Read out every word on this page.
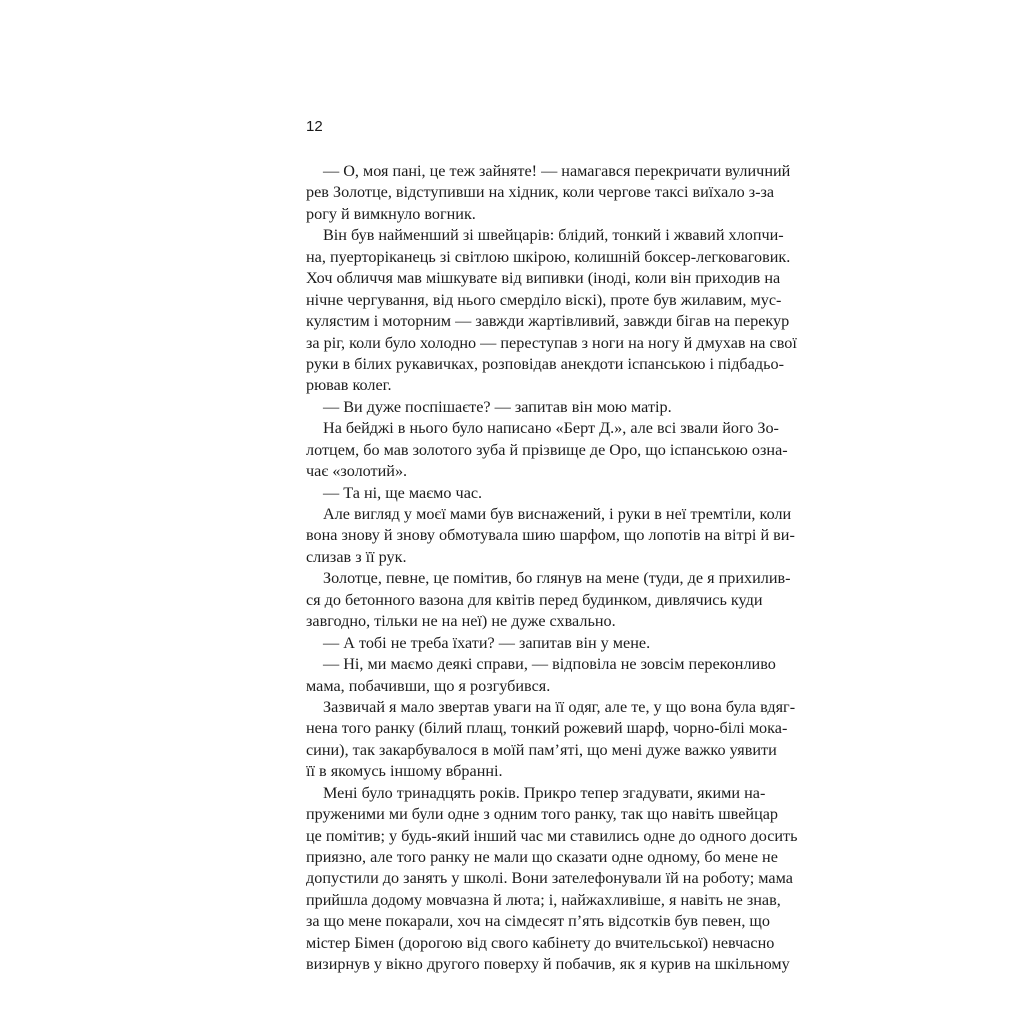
12
— О, моя пані, це теж зайняте! — намагався перекричати вуличний
рев Золотце, відступивши на хідник, коли чергове таксі виїхало з-за
рогу й вимкнуло вогник.
Він був найменший зі швейцарів: блідий, тонкий і жвавий хлопчи-
на, пуерторіканець зі світлою шкірою, колишній боксер-легковаговик.
Хоч обличчя мав мішкувате від випивки (іноді, коли він приходив на
нічне чергування, від нього смерділо віскі), проте був жилавим, мус-
кулястим і моторним — завжди жартівливий, завжди бігав на перекур
за ріг, коли було холодно — переступав з ноги на ногу й дмухав на свої
руки в білих рукавичках, розповідав анекдоти іспанською і підбадьо-
рював колег.
— Ви дуже поспішаєте? — запитав він мою матір.
На бейджі в нього було написано «Берт Д.», але всі звали його Зо-
лотцем, бо мав золотого зуба й прізвище де Оро, що іспанською озна-
чає «золотий».
— Та ні, ще маємо час.
Але вигляд у моєї мами був виснажений, і руки в неї тремтіли, коли
вона знову й знову обмотувала шию шарфом, що лопотів на вітрі й ви-
слизав з її рук.
Золотце, певне, це помітив, бо глянув на мене (туди, де я прихилив-
ся до бетонного вазона для квітів перед будинком, дивлячись куди
завгодно, тільки не на неї) не дуже схвально.
— А тобі не треба їхати? — запитав він у мене.
— Ні, ми маємо деякі справи, — відповіла не зовсім переконливо
мама, побачивши, що я розгубився.
Зазвичай я мало звертав уваги на її одяг, але те, у що вона була вдяг-
нена того ранку (білий плащ, тонкий рожевий шарф, чорно-білі мока-
сини), так закарбувалося в моїй пам’яті, що мені дуже важко уявити
її в якомусь іншому вбранні.
Мені було тринадцять років. Прикро тепер згадувати, якими на-
пруженими ми були одне з одним того ранку, так що навіть швейцар
це помітив; у будь-який інший час ми ставились одне до одного досить
приязно, але того ранку не мали що сказати одне одному, бо мене не
допустили до занять у школі. Вони зателефонували їй на роботу; мама
прийшла додому мовчазна й люта; і, найжахливіше, я навіть не знав,
за що мене покарали, хоч на сімдесят п’ять відсотків був певен, що
містер Бімен (дорогою від свого кабінету до вчительської) невчасно
визирнув у вікно другого поверху й побачив, як я курив на шкільному
